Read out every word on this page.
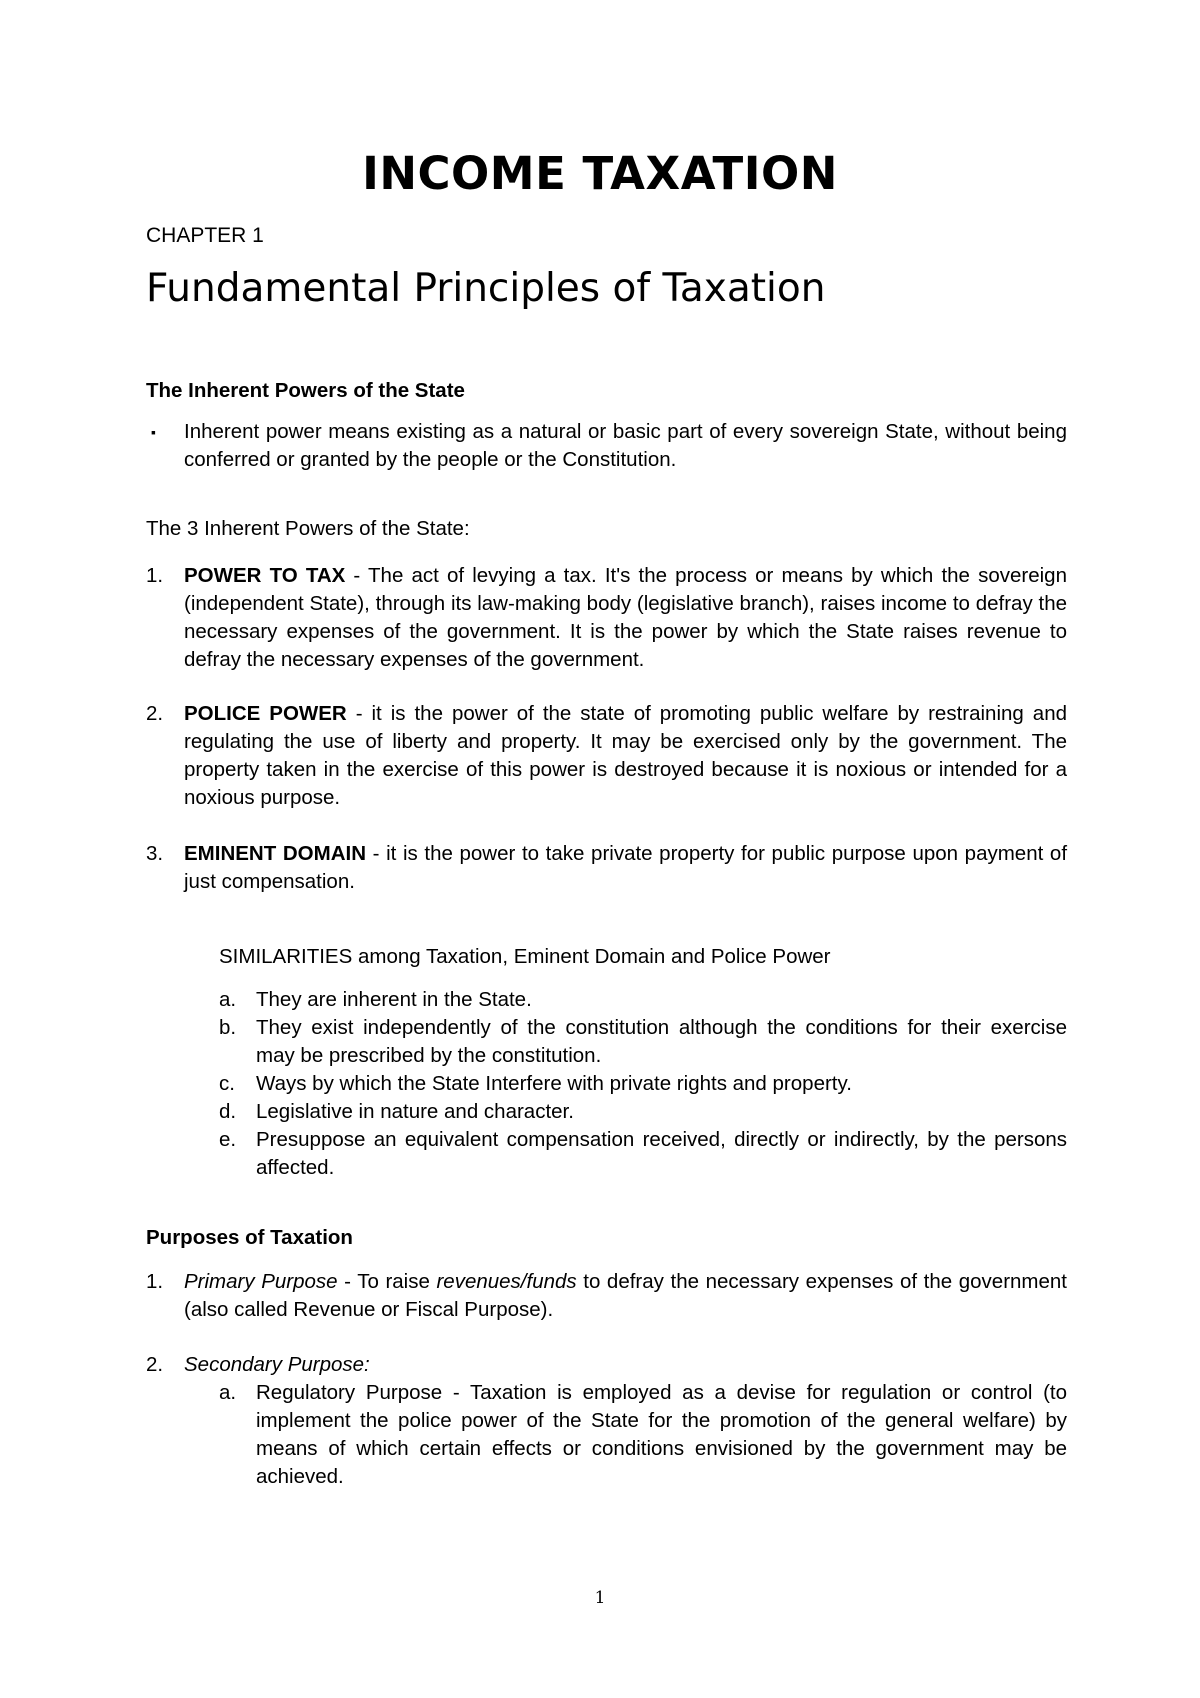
INCOME TAXATION
CHAPTER 1
Fundamental Principles of Taxation
The Inherent Powers of the State
▪ Inherent power means existing as a natural or basic part of every sovereign State, without being conferred or granted by the people or the Constitution.
The 3 Inherent Powers of the State:
1. POWER TO TAX - The act of levying a tax. It's the process or means by which the sovereign (independent State), through its law-making body (legislative branch), raises income to defray the necessary expenses of the government. It is the power by which the State raises revenue to defray the necessary expenses of the government.
2. POLICE POWER - it is the power of the state of promoting public welfare by restraining and regulating the use of liberty and property. It may be exercised only by the government. The property taken in the exercise of this power is destroyed because it is noxious or intended for a noxious purpose.
3. EMINENT DOMAIN - it is the power to take private property for public purpose upon payment of just compensation.
SIMILARITIES among Taxation, Eminent Domain and Police Power
a. They are inherent in the State.
b. They exist independently of the constitution although the conditions for their exercise may be prescribed by the constitution.
c. Ways by which the State Interfere with private rights and property.
d. Legislative in nature and character.
e. Presuppose an equivalent compensation received, directly or indirectly, by the persons affected.
Purposes of Taxation
1. Primary Purpose - To raise revenues/funds to defray the necessary expenses of the government (also called Revenue or Fiscal Purpose).
2. Secondary Purpose:
a. Regulatory Purpose - Taxation is employed as a devise for regulation or control (to implement the police power of the State for the promotion of the general welfare) by means of which certain effects or conditions envisioned by the government may be achieved.
1
